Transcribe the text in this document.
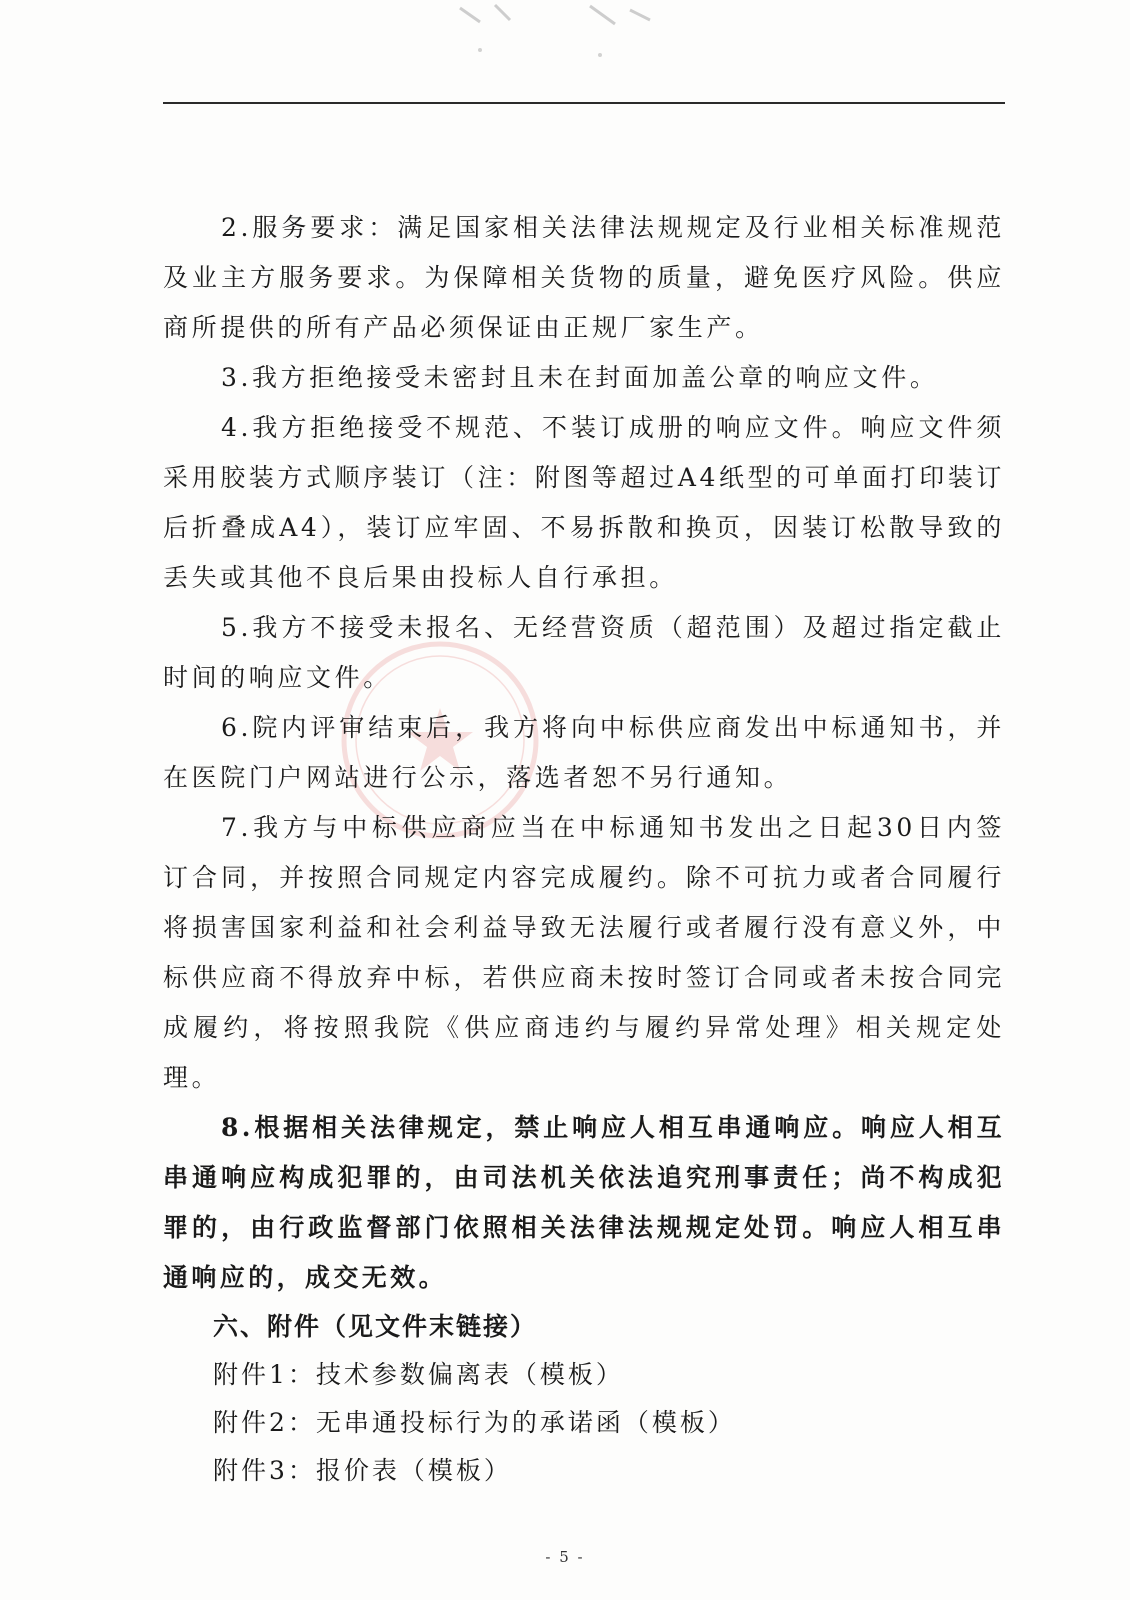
2.服务要求：满足国家相关法律法规规定及行业相关标准规范及业主方服务要求。为保障相关货物的质量，避免医疗风险。供应商所提供的所有产品必须保证由正规厂家生产。

3.我方拒绝接受未密封且未在封面加盖公章的响应文件。

4.我方拒绝接受不规范、不装订成册的响应文件。响应文件须采用胶装方式顺序装订（注：附图等超过A4纸型的可单面打印装订后折叠成A4），装订应牢固、不易拆散和换页，因装订松散导致的丢失或其他不良后果由投标人自行承担。

5.我方不接受未报名、无经营资质（超范围）及超过指定截止时间的响应文件。

6.院内评审结束后，我方将向中标供应商发出中标通知书，并在医院门户网站进行公示，落选者恕不另行通知。

7.我方与中标供应商应当在中标通知书发出之日起30日内签订合同，并按照合同规定内容完成履约。除不可抗力或者合同履行将损害国家利益和社会利益导致无法履行或者履行没有意义外，中标供应商不得放弃中标，若供应商未按时签订合同或者未按合同完成履约，将按照我院《供应商违约与履约异常处理》相关规定处理。

8.根据相关法律规定，禁止响应人相互串通响应。响应人相互串通响应构成犯罪的，由司法机关依法追究刑事责任；尚不构成犯罪的，由行政监督部门依照相关法律法规规定处罚。响应人相互串通响应的，成交无效。

六、附件（见文件末链接）

附件1：技术参数偏离表（模板）

附件2：无串通投标行为的承诺函（模板）

附件3：报价表（模板）

- 5 -
